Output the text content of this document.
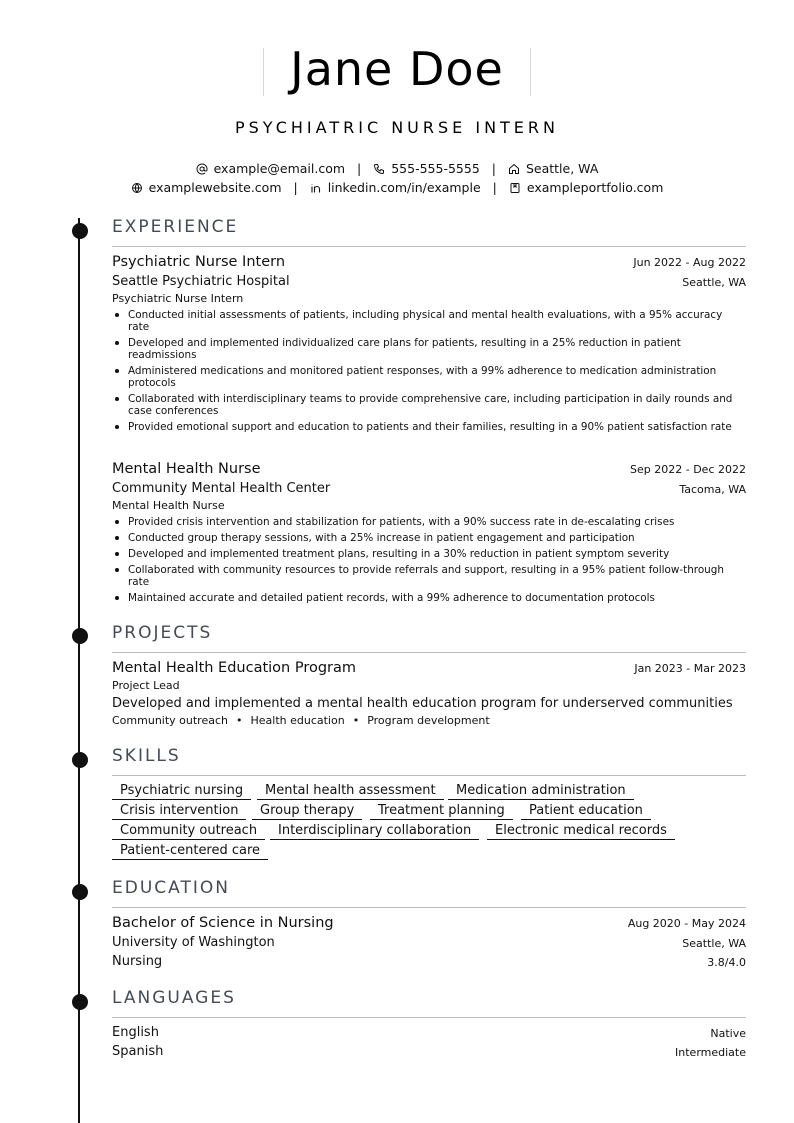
Jane Doe
PSYCHIATRIC NURSE INTERN
example@email.com | 555-555-5555 | Seattle, WA
examplewebsite.com | linkedin.com/in/example | exampleportfolio.com
EXPERIENCE
Psychiatric Nurse Intern	Jun 2022 - Aug 2022
Seattle Psychiatric Hospital	Seattle, WA
Psychiatric Nurse Intern
Conducted initial assessments of patients, including physical and mental health evaluations, with a 95% accuracy rate
Developed and implemented individualized care plans for patients, resulting in a 25% reduction in patient readmissions
Administered medications and monitored patient responses, with a 99% adherence to medication administration protocols
Collaborated with interdisciplinary teams to provide comprehensive care, including participation in daily rounds and case conferences
Provided emotional support and education to patients and their families, resulting in a 90% patient satisfaction rate
Mental Health Nurse	Sep 2022 - Dec 2022
Community Mental Health Center	Tacoma, WA
Mental Health Nurse
Provided crisis intervention and stabilization for patients, with a 90% success rate in de-escalating crises
Conducted group therapy sessions, with a 25% increase in patient engagement and participation
Developed and implemented treatment plans, resulting in a 30% reduction in patient symptom severity
Collaborated with community resources to provide referrals and support, resulting in a 95% patient follow-through rate
Maintained accurate and detailed patient records, with a 99% adherence to documentation protocols
PROJECTS
Mental Health Education Program	Jan 2023 - Mar 2023
Project Lead
Developed and implemented a mental health education program for underserved communities
Community outreach • Health education • Program development
SKILLS
Psychiatric nursing	Mental health assessment	Medication administration
Crisis intervention	Group therapy	Treatment planning	Patient education
Community outreach	Interdisciplinary collaboration	Electronic medical records
Patient-centered care
EDUCATION
Bachelor of Science in Nursing	Aug 2020 - May 2024
University of Washington	Seattle, WA
Nursing	3.8/4.0
LANGUAGES
English	Native
Spanish	Intermediate
